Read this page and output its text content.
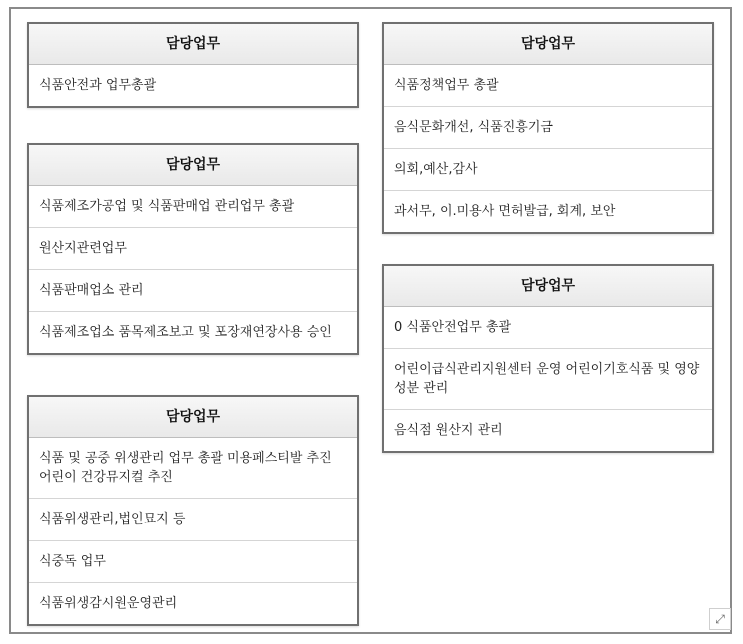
담당업무
식품안전과 업무총괄
담당업무
식품제조가공업 및 식품판매업 관리업무 총괄
원산지관련업무
식품판매업소 관리
식품제조업소 품목제조보고 및 포장재연장사용 승인
담당업무
식품 및 공중 위생관리 업무 총괄 미용페스티발 추진 어린이 건강뮤지컬 추진
식품위생관리,법인묘지 등
식중독 업무
식품위생감시원운영관리
담당업무
식품정책업무 총괄
음식문화개선, 식품진흥기금
의회,예산,감사
과서무, 이.미용사 면허발급, 회계, 보안
담당업무
0 식품안전업무 총괄
어린이급식관리지원센터 운영 어린이기호식품 및 영양성분 관리
음식점 원산지 관리
⤢
